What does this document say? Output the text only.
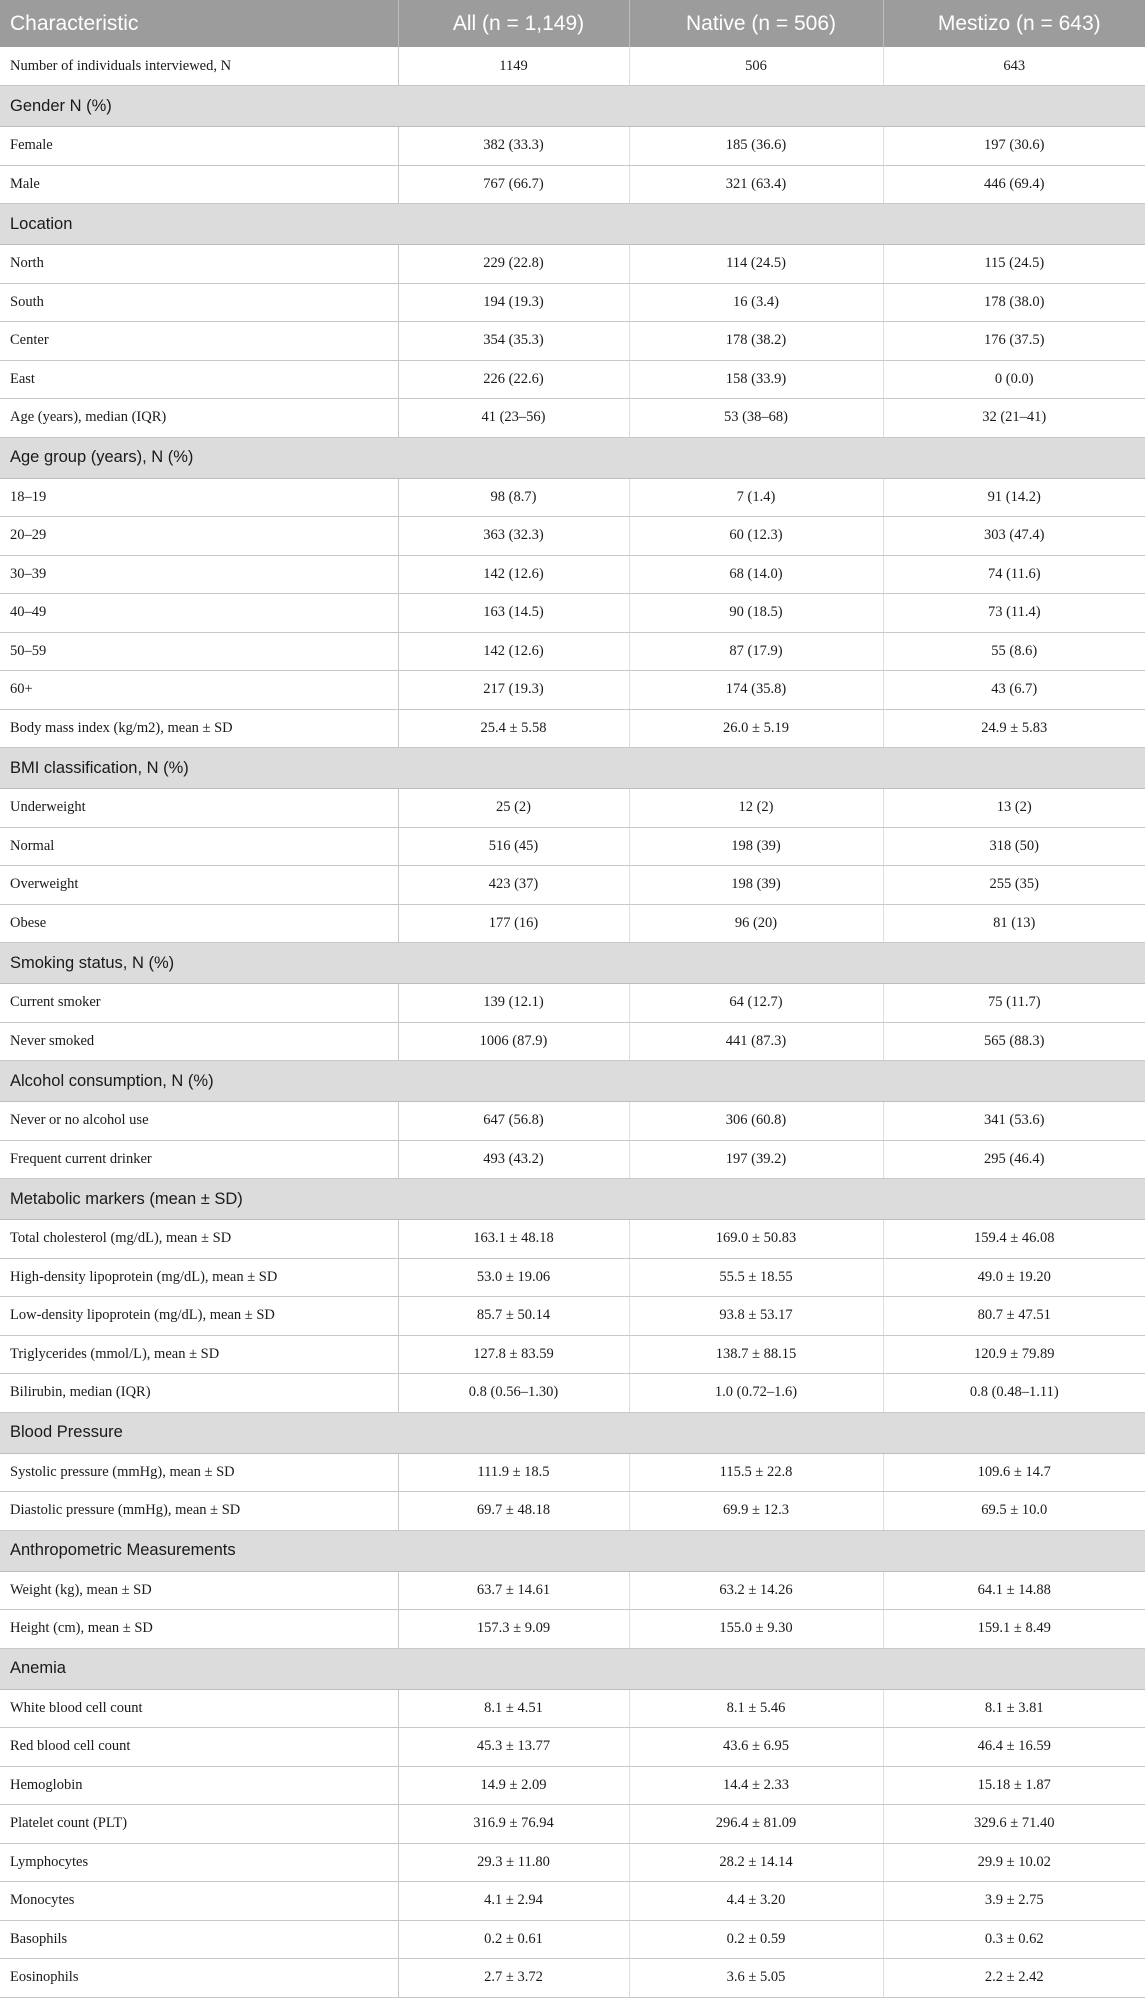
Characteristic	All (n = 1,149)	Native (n = 506)	Mestizo (n = 643)
Number of individuals interviewed, N	1149	506	643
Gender N (%)			
Female	382 (33.3)	185 (36.6)	197 (30.6)
Male	767 (66.7)	321 (63.4)	446 (69.4)
Location			
North	229 (22.8)	114 (24.5)	115 (24.5)
South	194 (19.3)	16 (3.4)	178 (38.0)
Center	354 (35.3)	178 (38.2)	176 (37.5)
East	226 (22.6)	158 (33.9)	0 (0.0)
Age (years), median (IQR)	41 (23–56)	53 (38–68)	32 (21–41)
Age group (years), N (%)			
18–19	98 (8.7)	7 (1.4)	91 (14.2)
20–29	363 (32.3)	60 (12.3)	303 (47.4)
30–39	142 (12.6)	68 (14.0)	74 (11.6)
40–49	163 (14.5)	90 (18.5)	73 (11.4)
50–59	142 (12.6)	87 (17.9)	55 (8.6)
60+	217 (19.3)	174 (35.8)	43 (6.7)
Body mass index (kg/m2), mean ± SD	25.4 ± 5.58	26.0 ± 5.19	24.9 ± 5.83
BMI classification, N (%)			
Underweight	25 (2)	12 (2)	13 (2)
Normal	516 (45)	198 (39)	318 (50)
Overweight	423 (37)	198 (39)	255 (35)
Obese	177 (16)	96 (20)	81 (13)
Smoking status, N (%)			
Current smoker	139 (12.1)	64 (12.7)	75 (11.7)
Never smoked	1006 (87.9)	441 (87.3)	565 (88.3)
Alcohol consumption, N (%)			
Never or no alcohol use	647 (56.8)	306 (60.8)	341 (53.6)
Frequent current drinker	493 (43.2)	197 (39.2)	295 (46.4)
Metabolic markers (mean ± SD)			
Total cholesterol (mg/dL), mean ± SD	163.1 ± 48.18	169.0 ± 50.83	159.4 ± 46.08
High-density lipoprotein (mg/dL), mean ± SD	53.0 ± 19.06	55.5 ± 18.55	49.0 ± 19.20
Low-density lipoprotein (mg/dL), mean ± SD	85.7 ± 50.14	93.8 ± 53.17	80.7 ± 47.51
Triglycerides (mmol/L), mean ± SD	127.8 ± 83.59	138.7 ± 88.15	120.9 ± 79.89
Bilirubin, median (IQR)	0.8 (0.56–1.30)	1.0 (0.72–1.6)	0.8 (0.48–1.11)
Blood Pressure			
Systolic pressure (mmHg), mean ± SD	111.9 ± 18.5	115.5 ± 22.8	109.6 ± 14.7
Diastolic pressure (mmHg), mean ± SD	69.7 ± 48.18	69.9 ± 12.3	69.5 ± 10.0
Anthropometric Measurements			
Weight (kg), mean ± SD	63.7 ± 14.61	63.2 ± 14.26	64.1 ± 14.88
Height (cm), mean ± SD	157.3 ± 9.09	155.0 ± 9.30	159.1 ± 8.49
Anemia			
White blood cell count	8.1 ± 4.51	8.1 ± 5.46	8.1 ± 3.81
Red blood cell count	45.3 ± 13.77	43.6 ± 6.95	46.4 ± 16.59
Hemoglobin	14.9 ± 2.09	14.4 ± 2.33	15.18 ± 1.87
Platelet count (PLT)	316.9 ± 76.94	296.4 ± 81.09	329.6 ± 71.40
Lymphocytes	29.3 ± 11.80	28.2 ± 14.14	29.9 ± 10.02
Monocytes	4.1 ± 2.94	4.4 ± 3.20	3.9 ± 2.75
Basophils	0.2 ± 0.61	0.2 ± 0.59	0.3 ± 0.62
Eosinophils	2.7 ± 3.72	3.6 ± 5.05	2.2 ± 2.42
